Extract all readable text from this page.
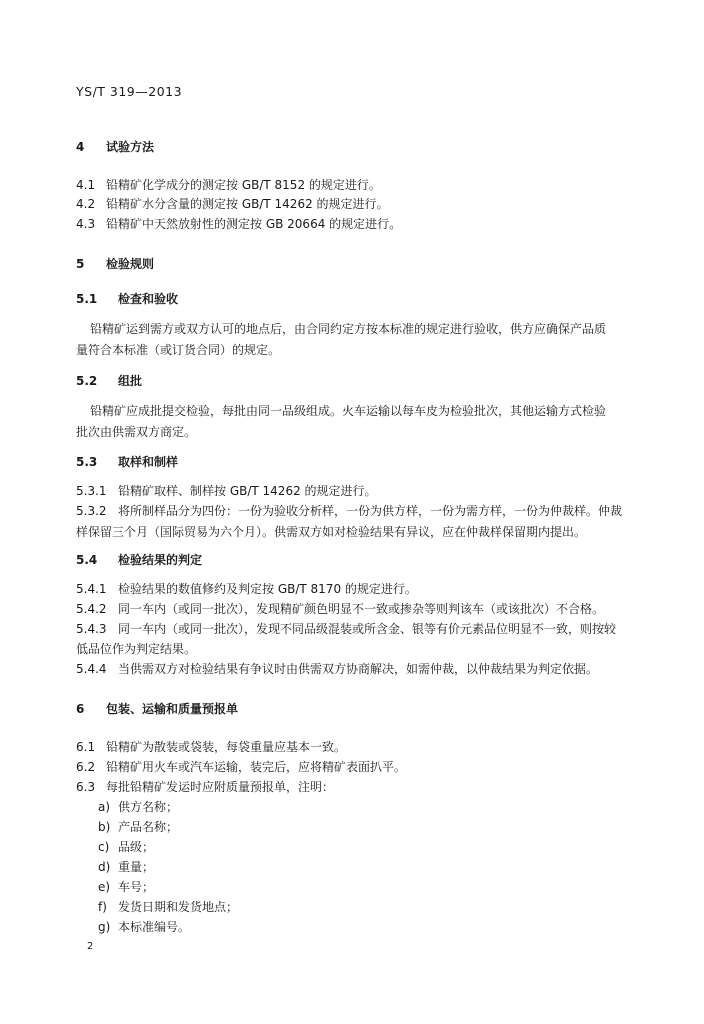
YS/T 319—2013
4 试验方法
4.1 铅精矿化学成分的测定按 GB/T 8152 的规定进行。
4.2 铅精矿水分含量的测定按 GB/T 14262 的规定进行。
4.3 铅精矿中天然放射性的测定按 GB 20664 的规定进行。
5 检验规则
5.1 检查和验收
铅精矿运到需方或双方认可的地点后，由合同约定方按本标准的规定进行验收，供方应确保产品质
量符合本标准（或订货合同）的规定。
5.2 组批
铅精矿应成批提交检验，每批由同一品级组成。火车运输以每车皮为检验批次，其他运输方式检验
批次由供需双方商定。
5.3 取样和制样
5.3.1 铅精矿取样、制样按 GB/T 14262 的规定进行。
5.3.2 将所制样品分为四份：一份为验收分析样，一份为供方样，一份为需方样，一份为仲裁样。仲裁
样保留三个月（国际贸易为六个月）。供需双方如对检验结果有异议，应在仲裁样保留期内提出。
5.4 检验结果的判定
5.4.1 检验结果的数值修约及判定按 GB/T 8170 的规定进行。
5.4.2 同一车内（或同一批次），发现精矿颜色明显不一致或掺杂等则判该车（或该批次）不合格。
5.4.3 同一车内（或同一批次），发现不同品级混装或所含金、银等有价元素品位明显不一致，则按较
低品位作为判定结果。
5.4.4 当供需双方对检验结果有争议时由供需双方协商解决，如需仲裁，以仲裁结果为判定依据。
6 包装、运输和质量预报单
6.1 铅精矿为散装或袋装，每袋重量应基本一致。
6.2 铅精矿用火车或汽车运输，装完后，应将精矿表面扒平。
6.3 每批铅精矿发运时应附质量预报单，注明：
a) 供方名称；
b) 产品名称；
c) 品级；
d) 重量；
e) 车号；
f) 发货日期和发货地点；
g) 本标准编号。
2
